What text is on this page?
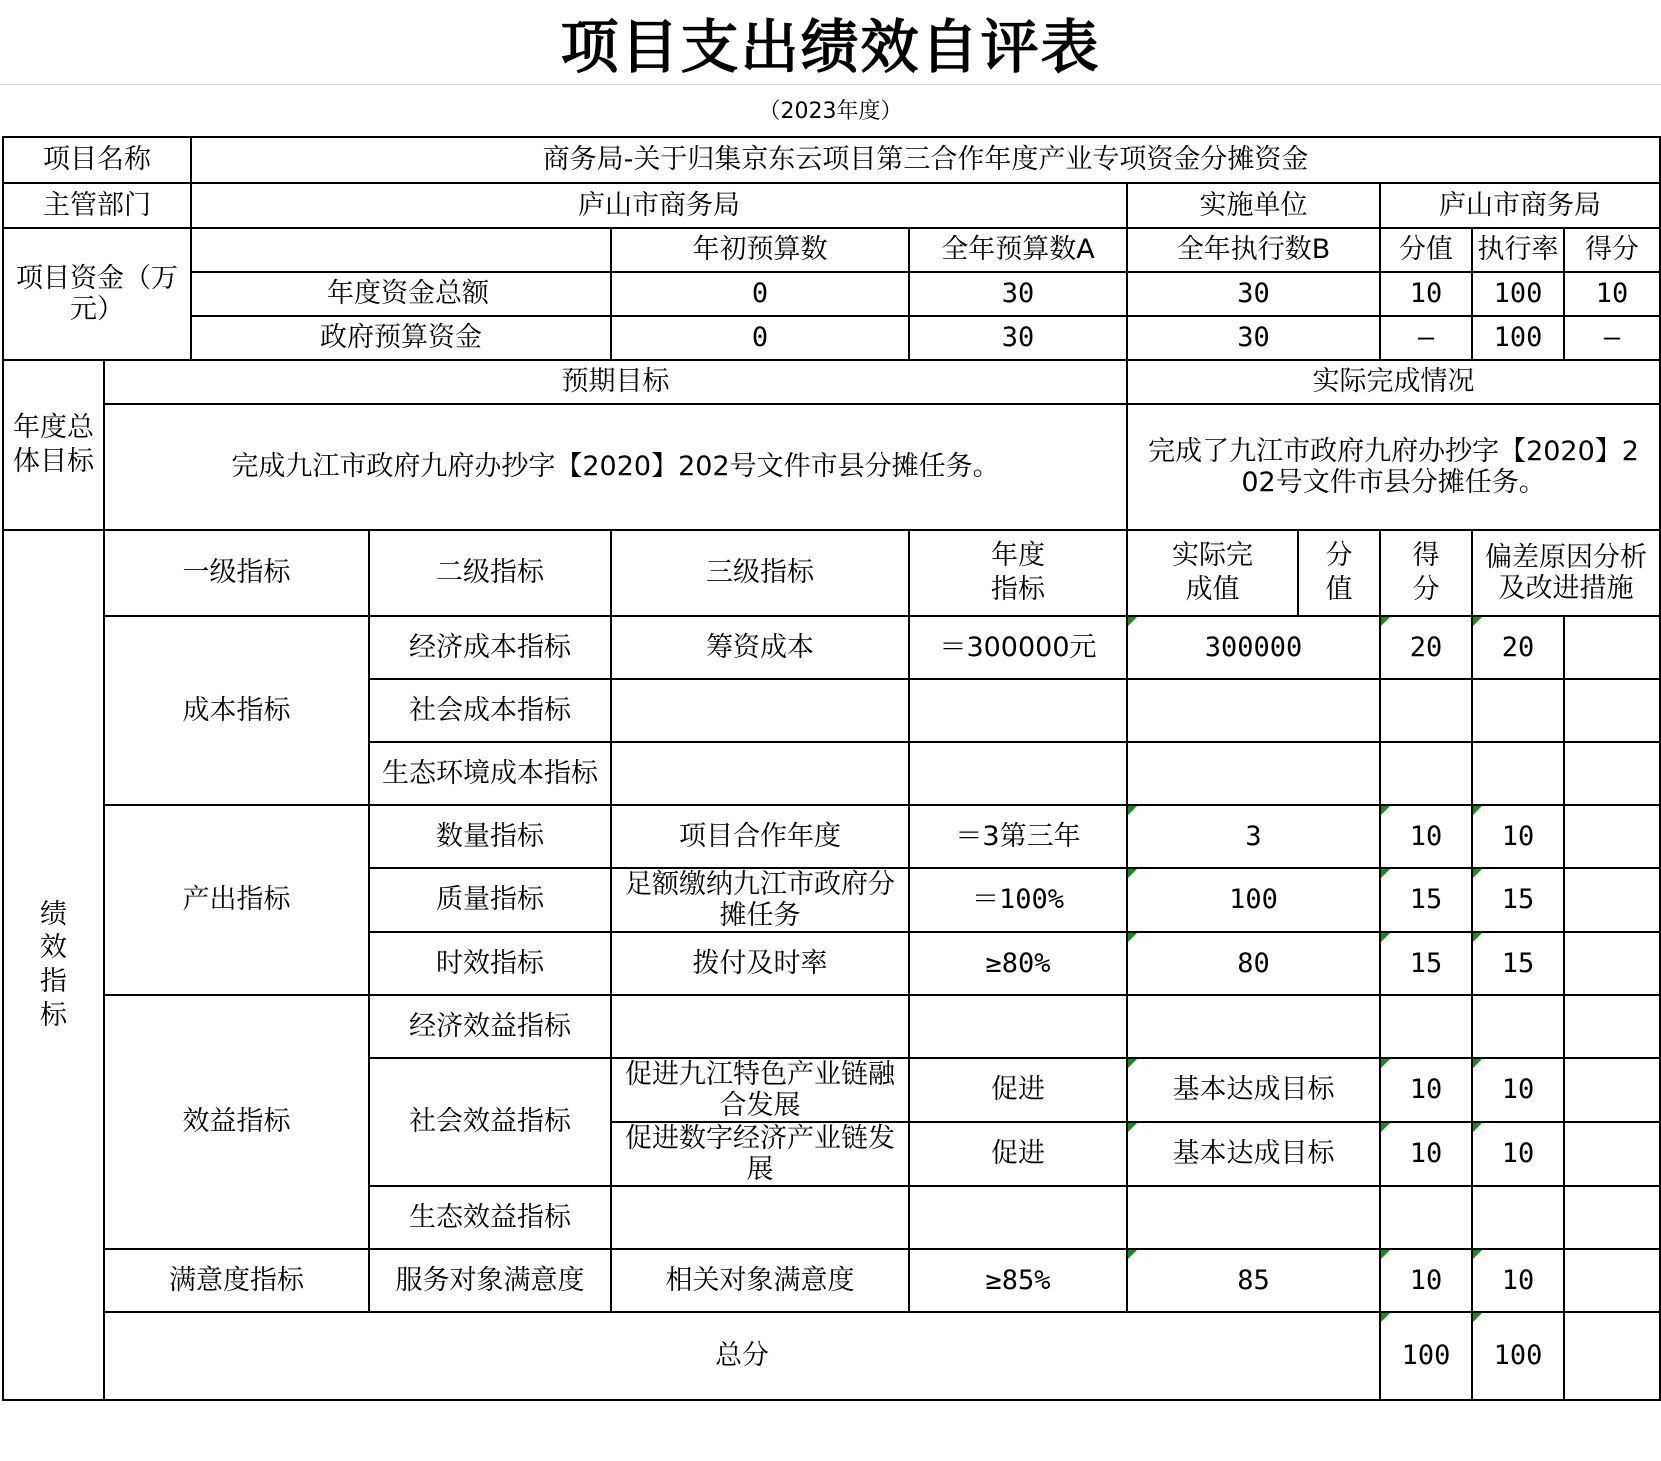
项目支出绩效自评表
（2023年度）
项目名称		商务局-关于归集京东云项目第三合作年度产业专项资金分摊资金								
主管部门		庐山市商务局				实施单位		庐山市商务局		
项目资金（万元）				年初预算数	全年预算数A	全年执行数B		分值	执行率	得分
		年度资金总额		0	30	30		10	100	10
		政府预算资金		0	30	30		—	100	—
年度总体目标	预期目标					实际完成情况				
	完成九江市政府九府办抄字【2020】202号文件市县分摊任务。					完成了九江市政府九府办抄字【2020】202号文件市县分摊任务。				
绩效指标	一级指标		二级指标	三级指标	年度指标	实际完成值	分值	得分	偏差原因分析及改进措施	
	成本指标		经济成本指标	筹资成本	＝300000元	300000		20	20	
			社会成本指标							
			生态环境成本指标							
	产出指标		数量指标	项目合作年度	＝3第三年	3		10	10	
			质量指标	足额缴纳九江市政府分摊任务	＝100%	100		15	15	
			时效指标	拨付及时率	≥80%	80		15	15	
	效益指标		经济效益指标							
			社会效益指标	促进九江特色产业链融合发展	促进	基本达成目标		10	10	

				促进数字经济产业链发展	促进	基本达成目标		10	10	
			生态效益指标							
	满意度指标		服务对象满意度	相关对象满意度	≥85%	85		10	10	
	总分							100	100	
